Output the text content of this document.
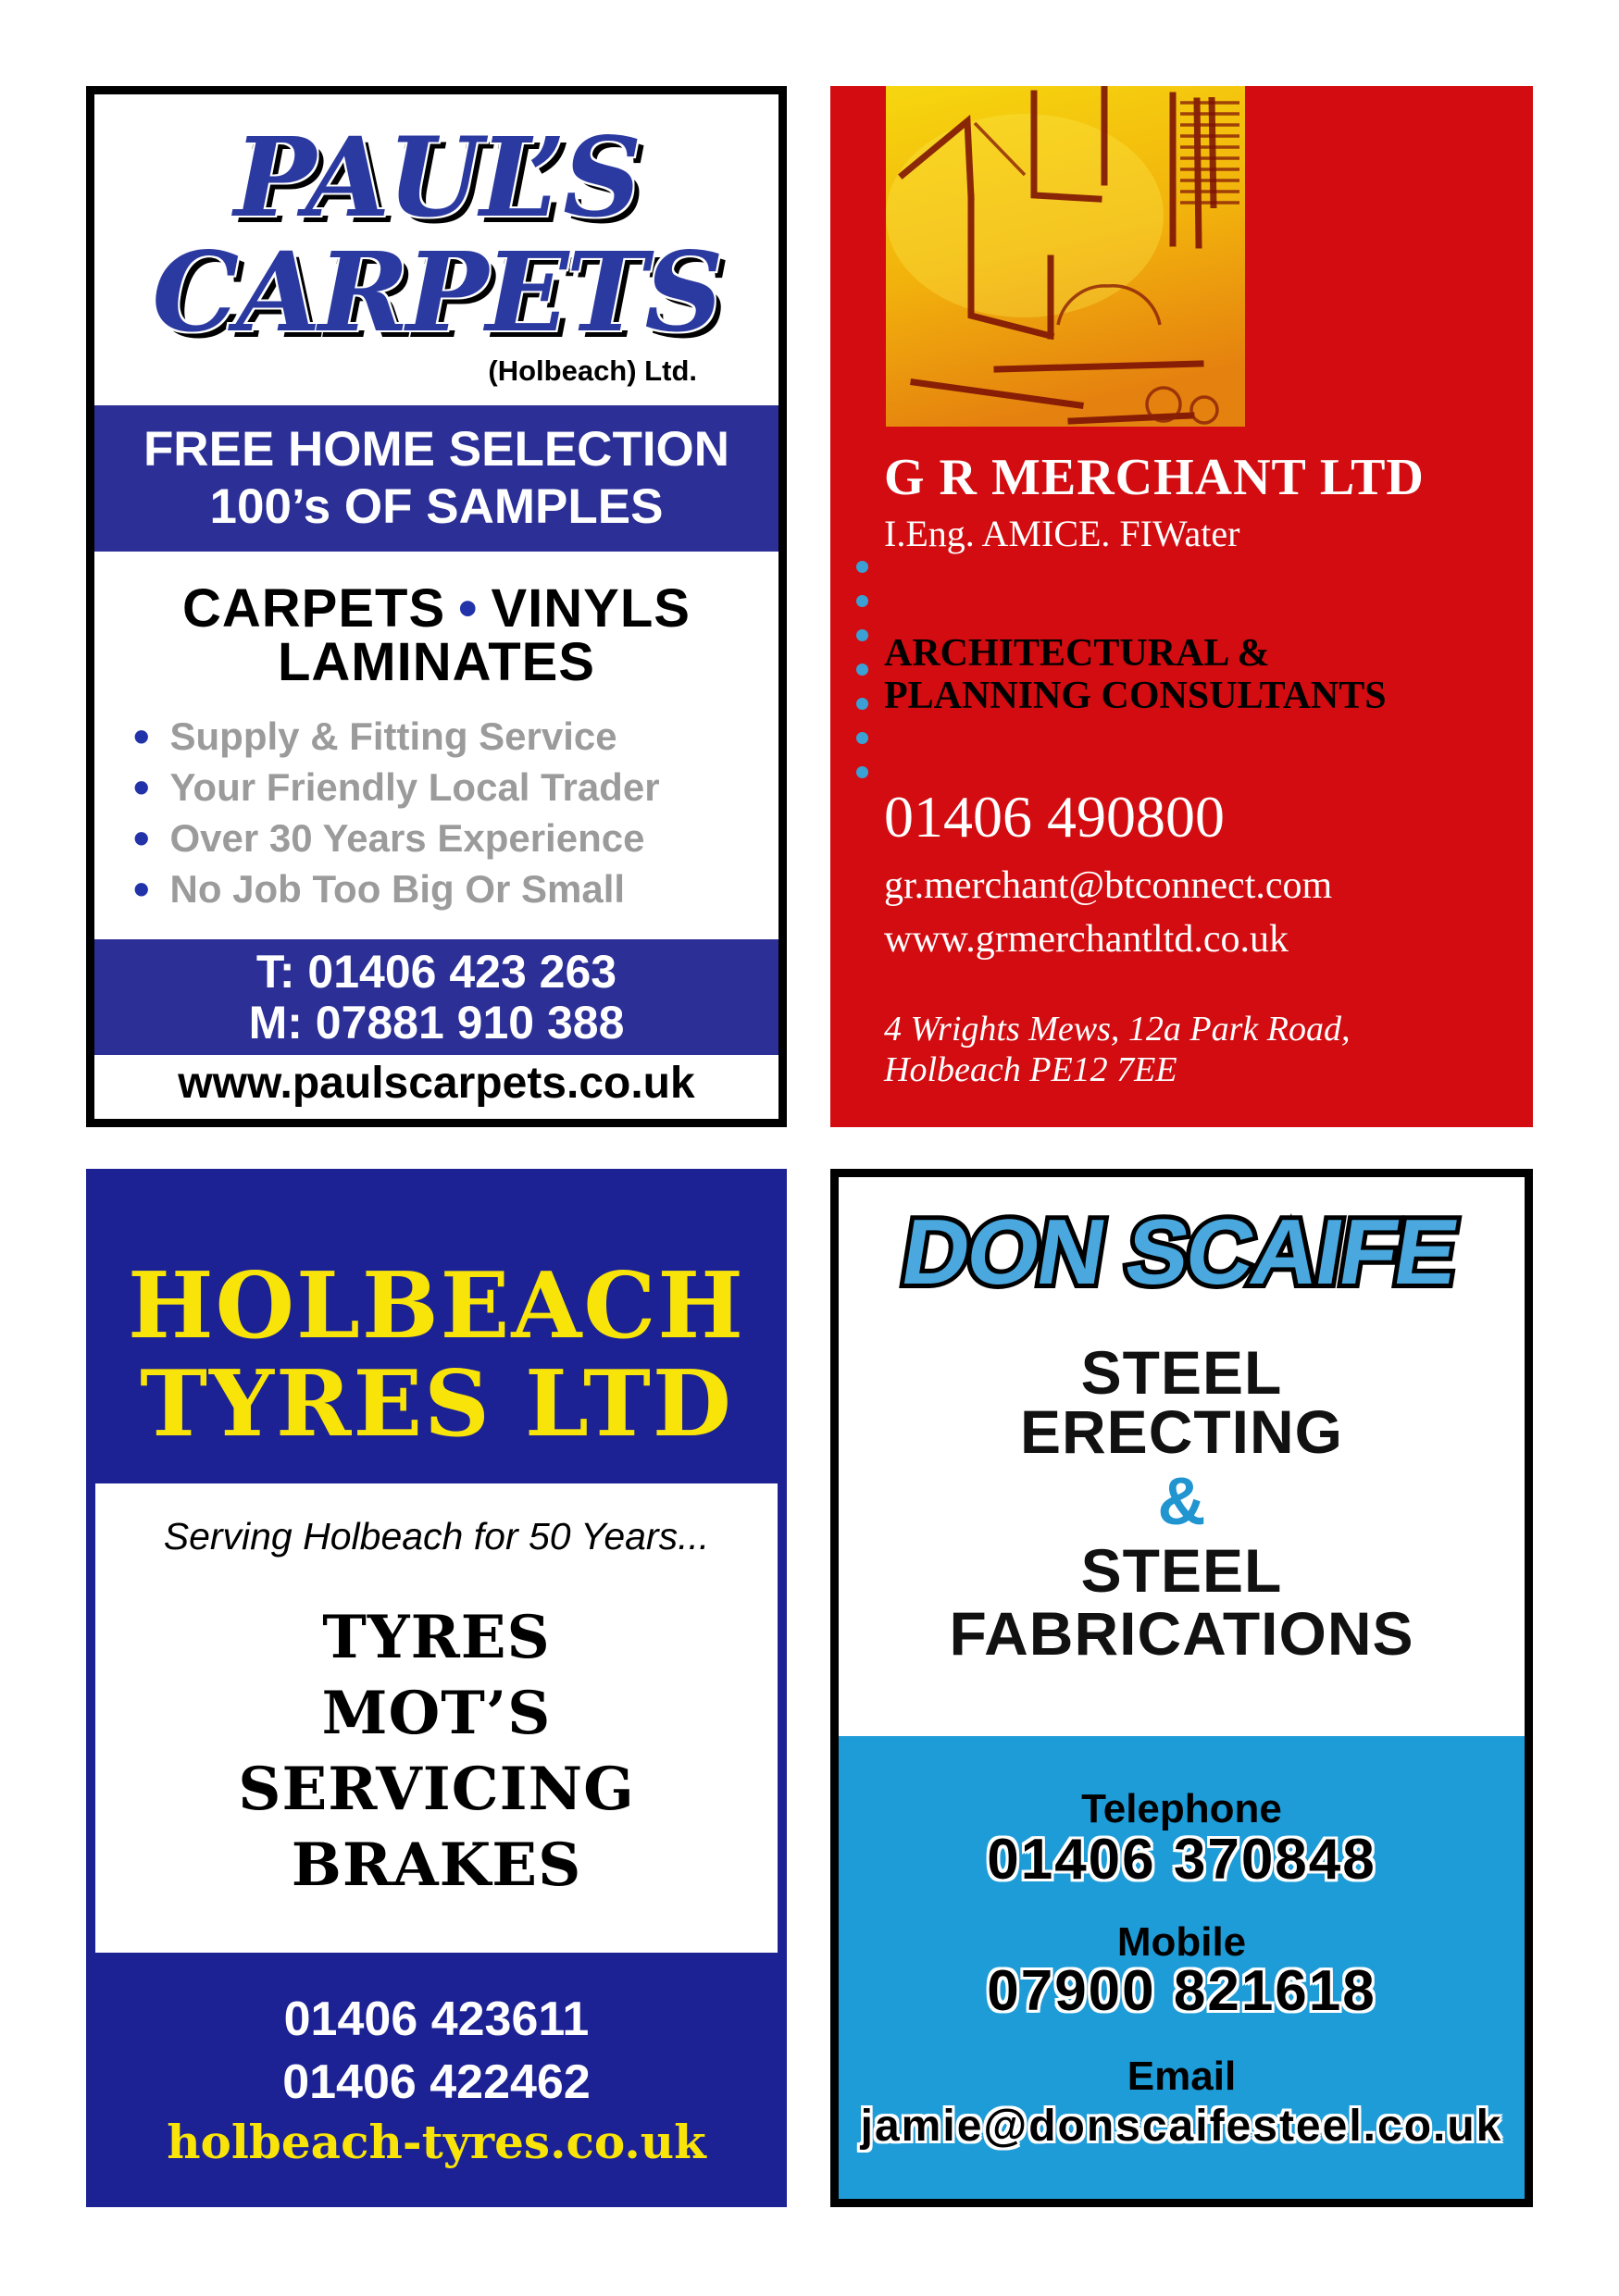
PAUL’S
CARPETS
(Holbeach) Ltd.
FREE HOME SELECTION
100’s OF SAMPLES
CARPETS • VINYLS
LAMINATES
• Supply & Fitting Service
• Your Friendly Local Trader
• Over 30 Years Experience
• No Job Too Big Or Small
T: 01406 423 263
M: 07881 910 388
www.paulscarpets.co.uk
G R MERCHANT LTD
I.Eng. AMICE. FIWater
ARCHITECTURAL &
PLANNING CONSULTANTS
01406 490800
gr.merchant@btconnect.com
www.grmerchantltd.co.uk
4 Wrights Mews, 12a Park Road,
Holbeach PE12 7EE
HOLBEACH
TYRES LTD
Serving Holbeach for 50 Years...
TYRES
MOT’S
SERVICING
BRAKES
01406 423611
01406 422462
holbeach-tyres.co.uk
DON SCAIFE
STEEL
ERECTING
&
STEEL
FABRICATIONS
Telephone
01406 370848
Mobile
07900 821618
Email
jamie@donscaifesteel.co.uk
